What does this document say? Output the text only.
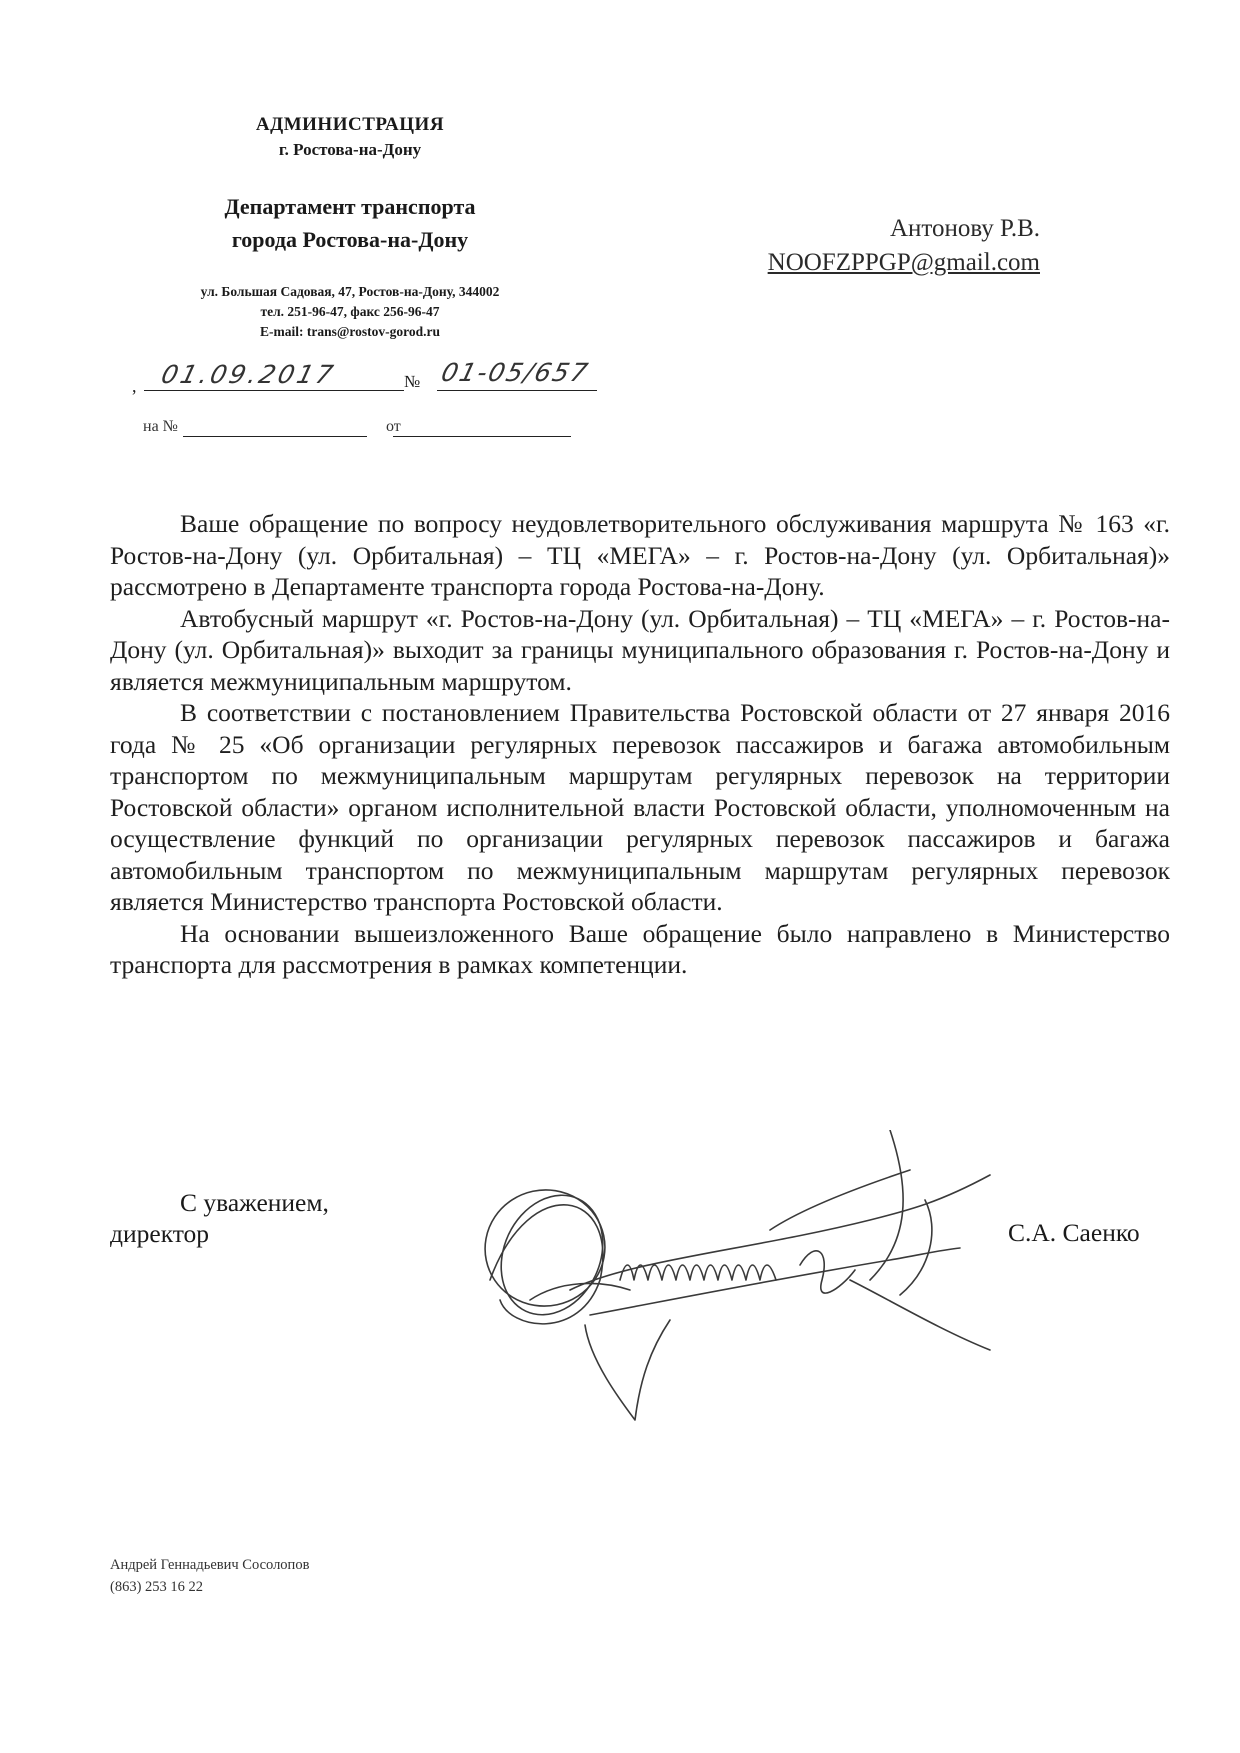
АДМИНИСТРАЦИЯ
г. Ростова-на-Дону
Департамент транспорта
города Ростова-на-Дону
ул. Большая Садовая, 47, Ростов-на-Дону, 344002
тел. 251-96-47, факс 256-96-47
E-mail: trans@rostov-gorod.ru
Антонову Р.В.
NOOFZPPGP@gmail.com
, 01.09.2017	№ 01-05/657
на №	от

Ваше обращение по вопросу неудовлетворительного обслуживания маршрута № 163 «г. Ростов-на-Дону (ул. Орбитальная) – ТЦ «МЕГА» – г. Ростов-на-Дону (ул. Орбитальная)» рассмотрено в Департаменте транспорта города Ростова-на-Дону.

Автобусный маршрут «г. Ростов-на-Дону (ул. Орбитальная) – ТЦ «МЕГА» – г. Ростов-на-Дону (ул. Орбитальная)» выходит за границы муниципального образования г. Ростов-на-Дону и является межмуниципальным маршрутом.

В соответствии с постановлением Правительства Ростовской области от 27 января 2016 года № 25 «Об организации регулярных перевозок пассажиров и багажа автомобильным транспортом по межмуниципальным маршрутам регулярных перевозок на территории Ростовской области» органом исполнительной власти Ростовской области, уполномоченным на осуществление функций по организации регулярных перевозок пассажиров и багажа автомобильным транспортом по межмуниципальным маршрутам регулярных перевозок является Министерство транспорта Ростовской области.

На основании вышеизложенного Ваше обращение было направлено в Министерство транспорта для рассмотрения в рамках компетенции.

С уважением,
директор	С.А. Саенко
Андрей Геннадьевич Сосолопов
(863) 253 16 22
